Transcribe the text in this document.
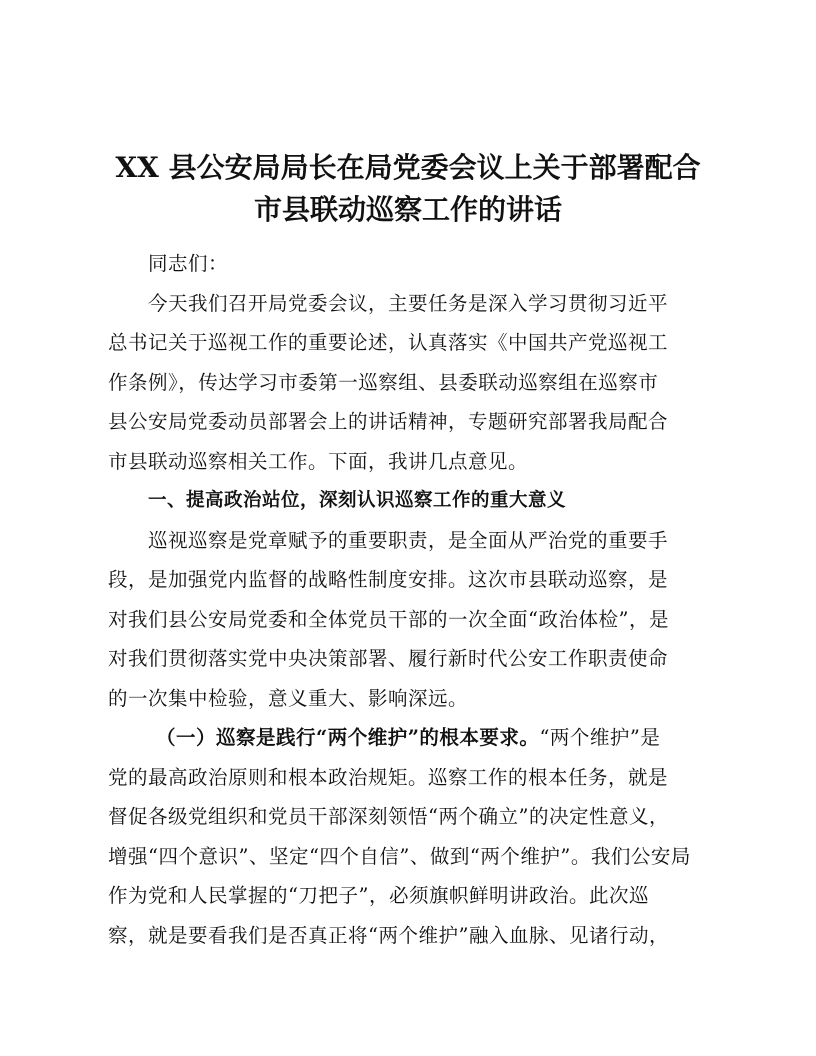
XX 县公安局局长在局党委会议上关于部署配合
市县联动巡察工作的讲话
同志们：
今天我们召开局党委会议，主要任务是深入学习贯彻习近平
总书记关于巡视工作的重要论述，认真落实《中国共产党巡视工
作条例》，传达学习市委第一巡察组、县委联动巡察组在巡察市
县公安局党委动员部署会上的讲话精神，专题研究部署我局配合
市县联动巡察相关工作。下面，我讲几点意见。
一、提高政治站位，深刻认识巡察工作的重大意义
巡视巡察是党章赋予的重要职责，是全面从严治党的重要手
段，是加强党内监督的战略性制度安排。这次市县联动巡察，是
对我们县公安局党委和全体党员干部的一次全面“政治体检”，是
对我们贯彻落实党中央决策部署、履行新时代公安工作职责使命
的一次集中检验，意义重大、影响深远。
（一）巡察是践行“两个维护”的根本要求。“两个维护”是
党的最高政治原则和根本政治规矩。巡察工作的根本任务，就是
督促各级党组织和党员干部深刻领悟“两个确立”的决定性意义，
增强“四个意识”、坚定“四个自信”、做到“两个维护”。我们公安局
作为党和人民掌握的“刀把子”，必须旗帜鲜明讲政治。此次巡
察，就是要看我们是否真正将“两个维护”融入血脉、见诸行动，
